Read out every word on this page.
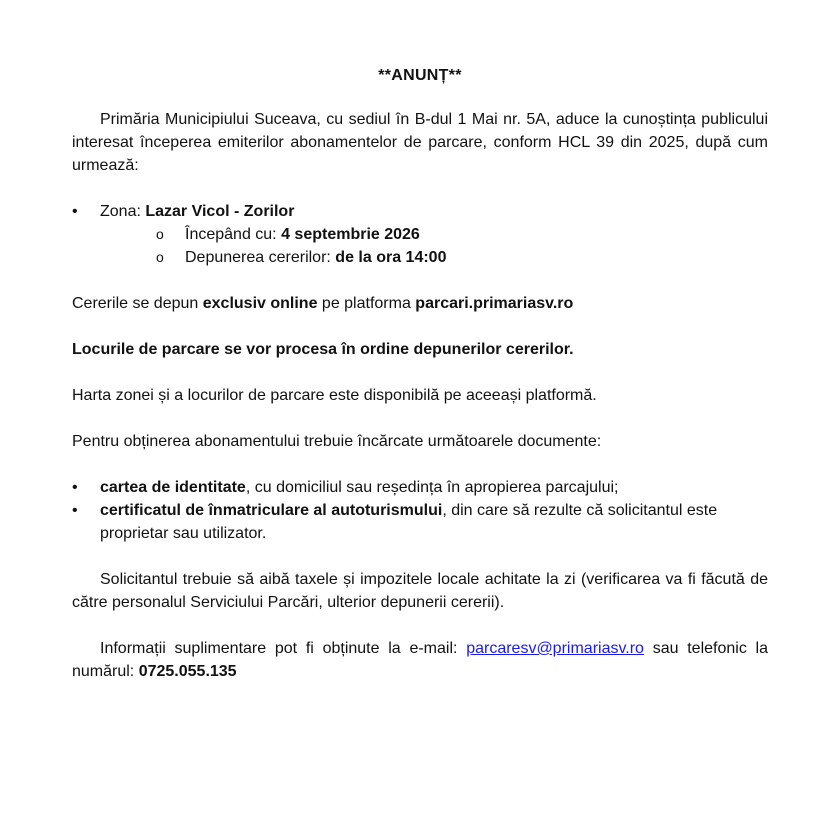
**ANUNȚ**

Primăria Municipiului Suceava, cu sediul în B-dul 1 Mai nr. 5A, aduce la cunoștința publicului interesat începerea emiterilor abonamentelor de parcare, conform HCL 39 din 2025, după cum urmează:

•	Zona: Lazar Vicol - Zorilor
o Începând cu: 4 septembrie 2026
o Depunerea cererilor: de la ora 14:00

Cererile se depun exclusiv online pe platforma parcari.primariasv.ro

Locurile de parcare se vor procesa în ordine depunerilor cererilor.

Harta zonei și a locurilor de parcare este disponibilă pe aceeași platformă.

Pentru obținerea abonamentului trebuie încărcate următoarele documente:

•	cartea de identitate, cu domiciliul sau reședința în apropierea parcajului;
•	certificatul de înmatriculare al autoturismului, din care să rezulte că solicitantul este proprietar sau utilizator.

Solicitantul trebuie să aibă taxele și impozitele locale achitate la zi (verificarea va fi făcută de către personalul Serviciului Parcări, ulterior depunerii cererii).

Informații suplimentare pot fi obținute la e-mail: parcaresv@primariasv.ro sau telefonic la numărul: 0725.055.135
